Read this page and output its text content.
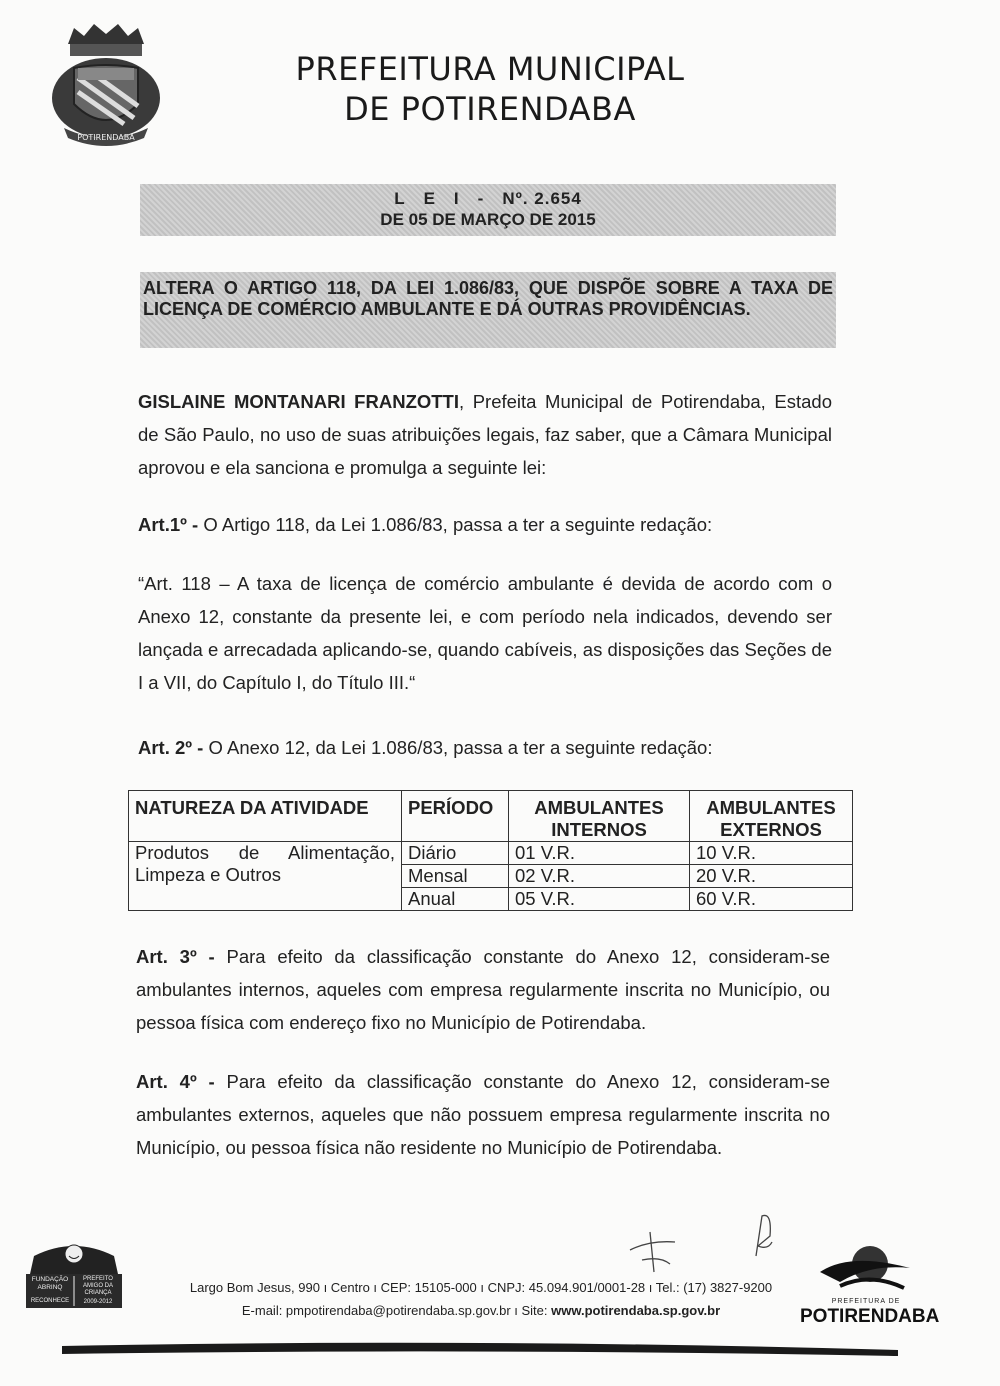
POTIRENDABA
PREFEITURA MUNICIPAL
DE POTIRENDABA
L E I - Nº. 2.654
DE 05 DE MARÇO DE 2015
ALTERA O ARTIGO 118, DA LEI 1.086/83, QUE DISPÕE SOBRE A TAXA DE LICENÇA DE COMÉRCIO AMBULANTE E DÁ OUTRAS PROVIDÊNCIAS.
GISLAINE MONTANARI FRANZOTTI, Prefeita Municipal de Potirendaba, Estado de São Paulo, no uso de suas atribuições legais, faz saber, que a Câmara Municipal aprovou e ela sanciona e promulga a seguinte lei:
Art.1º - O Artigo 118, da Lei 1.086/83, passa a ter a seguinte redação:
“Art. 118 – A taxa de licença de comércio ambulante é devida de acordo com o Anexo 12, constante da presente lei, e com período nela indicados, devendo ser lançada e arrecadada aplicando-se, quando cabíveis, as disposições das Seções de I a VII, do Capítulo I, do Título III.“
Art. 2º - O Anexo 12, da Lei 1.086/83, passa a ter a seguinte redação:
NATUREZA DA ATIVIDADE	PERÍODO	AMBULANTES INTERNOS	AMBULANTES EXTERNOS
Produtos de Alimentação, Limpeza e Outros	Diário	01 V.R.	10 V.R.
	Mensal	02 V.R.	20 V.R.
	Anual	05 V.R.	60 V.R.
Art. 3º - Para efeito da classificação constante do Anexo 12, consideram-se ambulantes internos, aqueles com empresa regularmente inscrita no Município, ou pessoa física com endereço fixo no Município de Potirendaba.
Art. 4º - Para efeito da classificação constante do Anexo 12, consideram-se ambulantes externos, aqueles que não possuem empresa regularmente inscrita no Município, ou pessoa física não residente no Município de Potirendaba.
FUNDAÇÃO ABRINQ
RECONHECE
PREFEITO AMIGO DA CRIANÇA
2009-2012
Largo Bom Jesus, 990 ı Centro ı CEP: 15105-000 ı CNPJ: 45.094.901/0001-28 ı Tel.: (17) 3827-9200
E-mail: pmpotirendaba@potirendaba.sp.gov.br ı Site: www.potirendaba.sp.gov.br
PREFEITURA DE
POTIRENDABA
